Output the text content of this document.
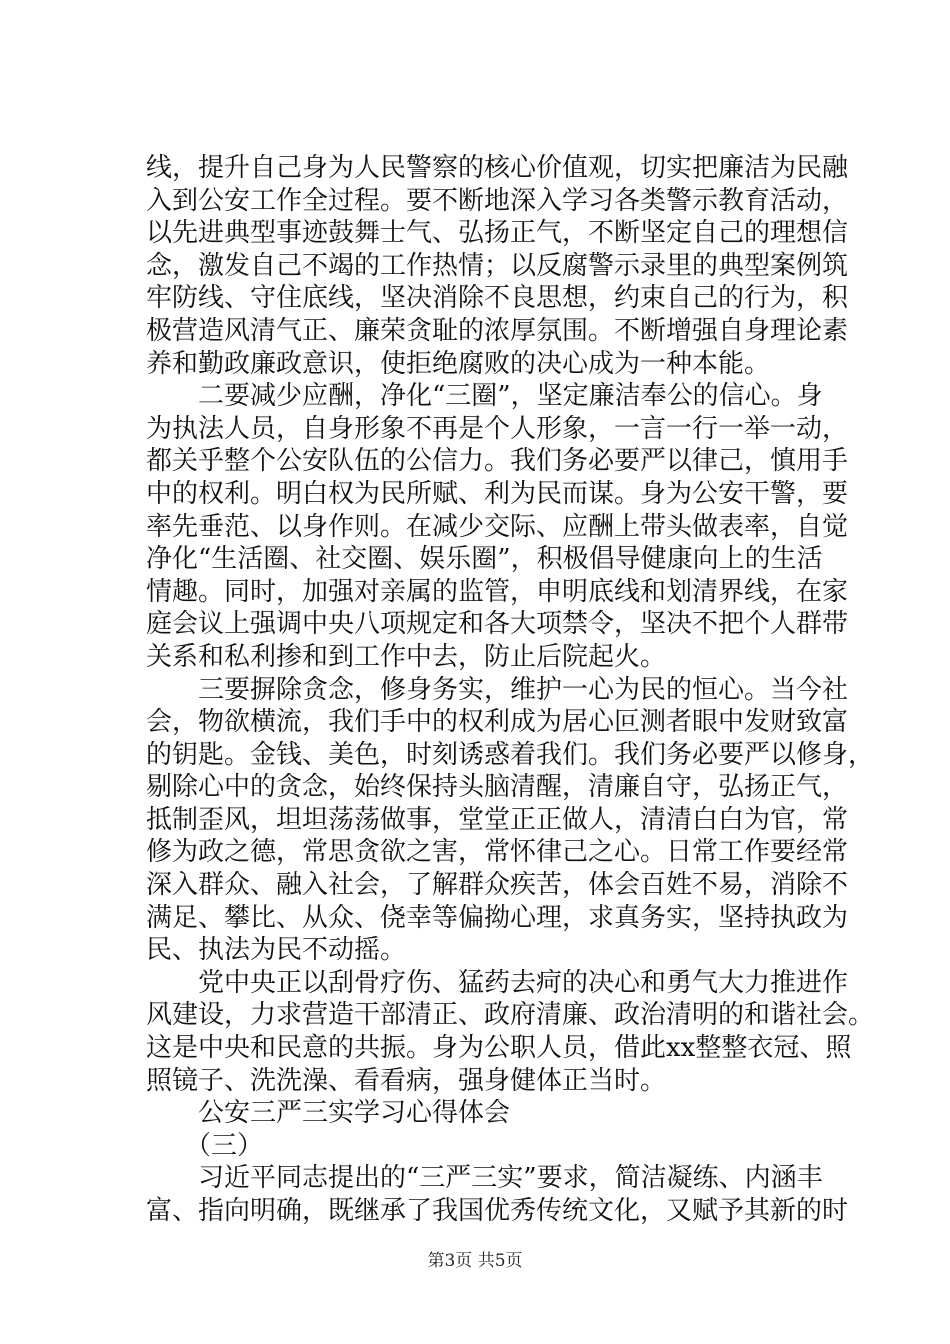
线，提升自己身为人民警察的核心价值观，切实把廉洁为民融
入到公安工作全过程。要不断地深入学习各类警示教育活动，
以先进典型事迹鼓舞士气、弘扬正气，不断坚定自己的理想信
念，激发自己不竭的工作热情；以反腐警示录里的典型案例筑
牢防线、守住底线，坚决消除不良思想，约束自己的行为，积
极营造风清气正、廉荣贪耻的浓厚氛围。不断增强自身理论素
养和勤政廉政意识，使拒绝腐败的决心成为一种本能。
　　二要减少应酬，净化“三圈”，坚定廉洁奉公的信心。身
为执法人员，自身形象不再是个人形象，一言一行一举一动，
都关乎整个公安队伍的公信力。我们务必要严以律己，慎用手
中的权利。明白权为民所赋、利为民而谋。身为公安干警，要
率先垂范、以身作则。在减少交际、应酬上带头做表率，自觉
净化“生活圈、社交圈、娱乐圈”，积极倡导健康向上的生活
情趣。同时，加强对亲属的监管，申明底线和划清界线，在家
庭会议上强调中央八项规定和各大项禁令，坚决不把个人群带
关系和私利掺和到工作中去，防止后院起火。
　　三要摒除贪念，修身务实，维护一心为民的恒心。当今社
会，物欲横流，我们手中的权利成为居心叵测者眼中发财致富
的钥匙。金钱、美色，时刻诱惑着我们。我们务必要严以修身，
剔除心中的贪念，始终保持头脑清醒，清廉自守，弘扬正气，
抵制歪风，坦坦荡荡做事，堂堂正正做人，清清白白为官，常
修为政之德，常思贪欲之害，常怀律己之心。日常工作要经常
深入群众、融入社会，了解群众疾苦，体会百姓不易，消除不
满足、攀比、从众、侥幸等偏拗心理，求真务实，坚持执政为
民、执法为民不动摇。
　　党中央正以刮骨疗伤、猛药去疴的决心和勇气大力推进作
风建设，力求营造干部清正、政府清廉、政治清明的和谐社会。
这是中央和民意的共振。身为公职人员，借此xx整整衣冠、照
照镜子、洗洗澡、看看病，强身健体正当时。
　　公安三严三实学习心得体会
　　（三）
　　习近平同志提出的“三严三实”要求，简洁凝练、内涵丰
富、指向明确，既继承了我国优秀传统文化，又赋予其新的时
第3页 共5页
